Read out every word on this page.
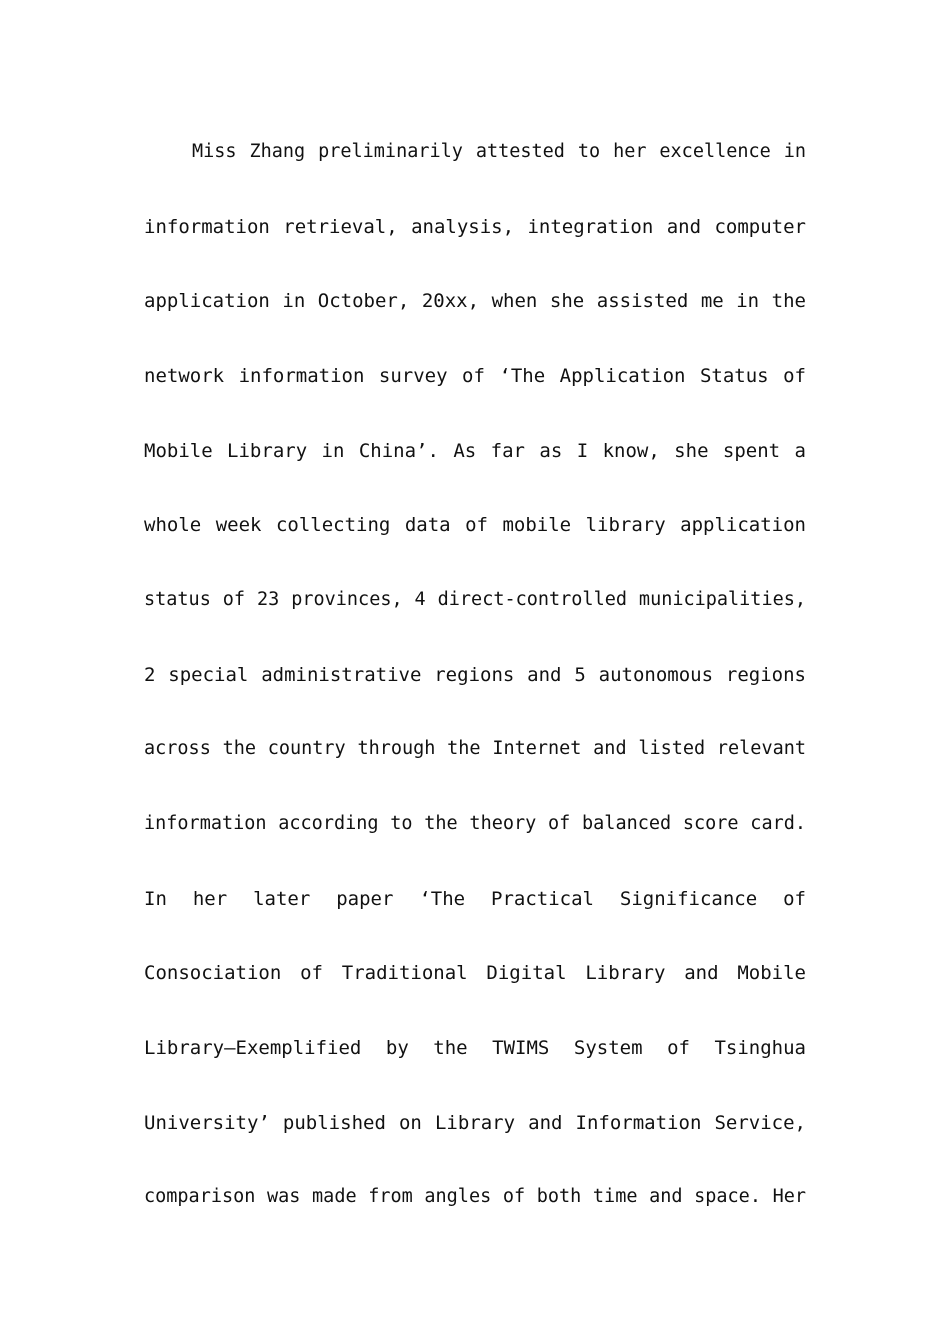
Miss Zhang preliminarily attested to her excellence in
information retrieval, analysis, integration and computer
application in October, 20xx, when she assisted me in the
network information survey of ‘The Application Status of
Mobile Library in China’. As far as I know, she spent a
whole week collecting data of mobile library application
status of 23 provinces, 4 direct-controlled municipalities,
2 special administrative regions and 5 autonomous regions
across the country through the Internet and listed relevant
information according to the theory of balanced score card.
In her later paper ‘The Practical Significance of
Consociation of Traditional Digital Library and Mobile
Library—Exemplified by the TWIMS System of Tsinghua
University’ published on Library and Information Service,
comparison was made from angles of both time and space. Her
